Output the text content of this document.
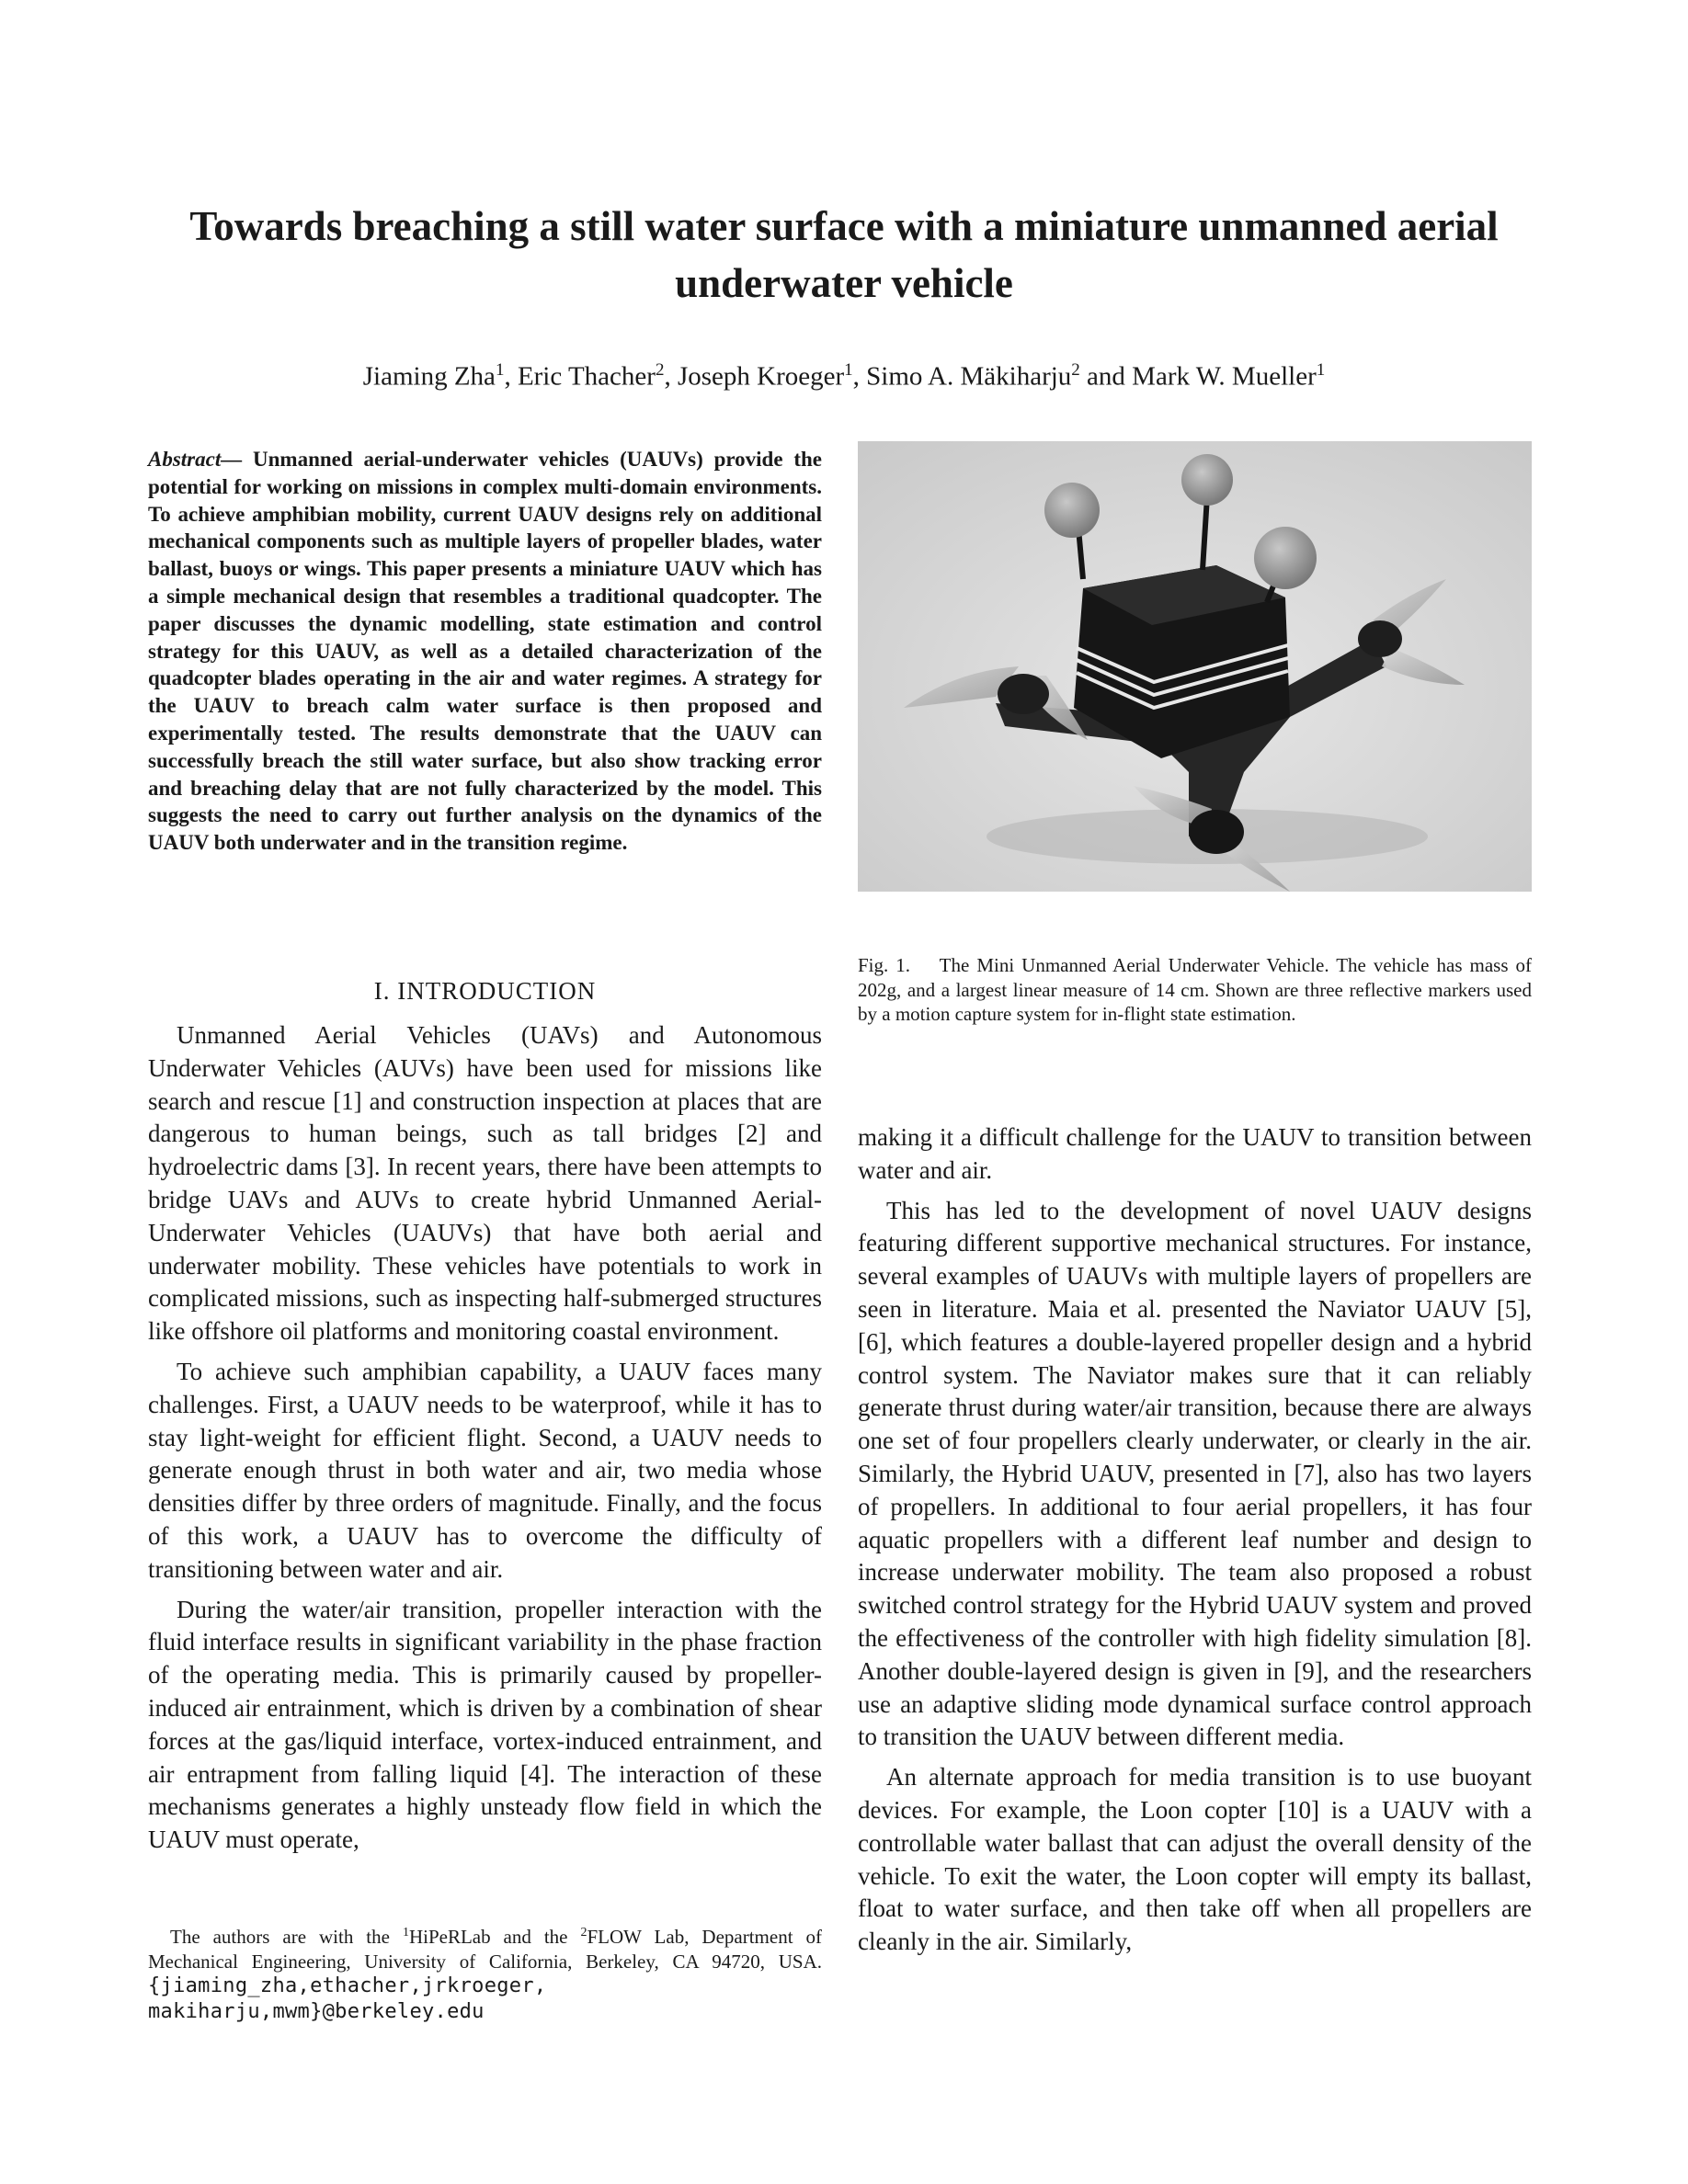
Towards breaching a still water surface with a miniature unmanned aerial underwater vehicle
Jiaming Zha$^1$, Eric Thacher$^2$, Joseph Kroeger$^1$, Simo A. Mäkiharju$^2$ and Mark W. Mueller$^1$
Abstract— Unmanned aerial-underwater vehicles (UAUVs) provide the potential for working on missions in complex multi-domain environments. To achieve amphibian mobility, current UAUV designs rely on additional mechanical components such as multiple layers of propeller blades, water ballast, buoys or wings. This paper presents a miniature UAUV which has a simple mechanical design that resembles a traditional quadcopter. The paper discusses the dynamic modelling, state estimation and control strategy for this UAUV, as well as a detailed characterization of the quadcopter blades operating in the air and water regimes. A strategy for the UAUV to breach calm water surface is then proposed and experimentally tested. The results demonstrate that the UAUV can successfully breach the still water surface, but also show tracking error and breaching delay that are not fully characterized by the model. This suggests the need to carry out further analysis on the dynamics of the UAUV both underwater and in the transition regime.
I. INTRODUCTION

Unmanned Aerial Vehicles (UAVs) and Autonomous Underwater Vehicles (AUVs) have been used for missions like search and rescue [1] and construction inspection at places that are dangerous to human beings, such as tall bridges [2] and hydroelectric dams [3]. In recent years, there have been attempts to bridge UAVs and AUVs to create hybrid Unmanned Aerial-Underwater Vehicles (UAUVs) that have both aerial and underwater mobility. These vehicles have potentials to work in complicated missions, such as inspecting half-submerged structures like offshore oil platforms and monitoring coastal environment.

To achieve such amphibian capability, a UAUV faces many challenges. First, a UAUV needs to be waterproof, while it has to stay light-weight for efficient flight. Second, a UAUV needs to generate enough thrust in both water and air, two media whose densities differ by three orders of magnitude. Finally, and the focus of this work, a UAUV has to overcome the difficulty of transitioning between water and air.

During the water/air transition, propeller interaction with the fluid interface results in significant variability in the phase fraction of the operating media. This is primarily caused by propeller-induced air entrainment, which is driven by a combination of shear forces at the gas/liquid interface, vortex-induced entrainment, and air entrapment from falling liquid [4]. The interaction of these mechanisms generates a highly unsteady flow field in which the UAUV must operate,

The authors are with the $^1$HiPeRLab and the $^2$FLOW Lab, Department of Mechanical Engineering, University of California, Berkeley, CA 94720, USA. {jiaming_zha,ethacher,jrkroeger, makiharju,mwm}@berkeley.edu
Fig. 1.    The Mini Unmanned Aerial Underwater Vehicle. The vehicle has mass of 202g, and a largest linear measure of 14 cm. Shown are three reflective markers used by a motion capture system for in-flight state estimation.

making it a difficult challenge for the UAUV to transition between water and air.

This has led to the development of novel UAUV designs featuring different supportive mechanical structures. For instance, several examples of UAUVs with multiple layers of propellers are seen in literature. Maia et al. presented the Naviator UAUV [5], [6], which features a double-layered propeller design and a hybrid control system. The Naviator makes sure that it can reliably generate thrust during water/air transition, because there are always one set of four propellers clearly underwater, or clearly in the air. Similarly, the Hybrid UAUV, presented in [7], also has two layers of propellers. In additional to four aerial propellers, it has four aquatic propellers with a different leaf number and design to increase underwater mobility. The team also proposed a robust switched control strategy for the Hybrid UAUV system and proved the effectiveness of the controller with high fidelity simulation [8]. Another double-layered design is given in [9], and the researchers use an adaptive sliding mode dynamical surface control approach to transition the UAUV between different media.

An alternate approach for media transition is to use buoyant devices. For example, the Loon copter [10] is a UAUV with a controllable water ballast that can adjust the overall density of the vehicle. To exit the water, the Loon copter will empty its ballast, float to water surface, and then take off when all propellers are cleanly in the air. Similarly,
